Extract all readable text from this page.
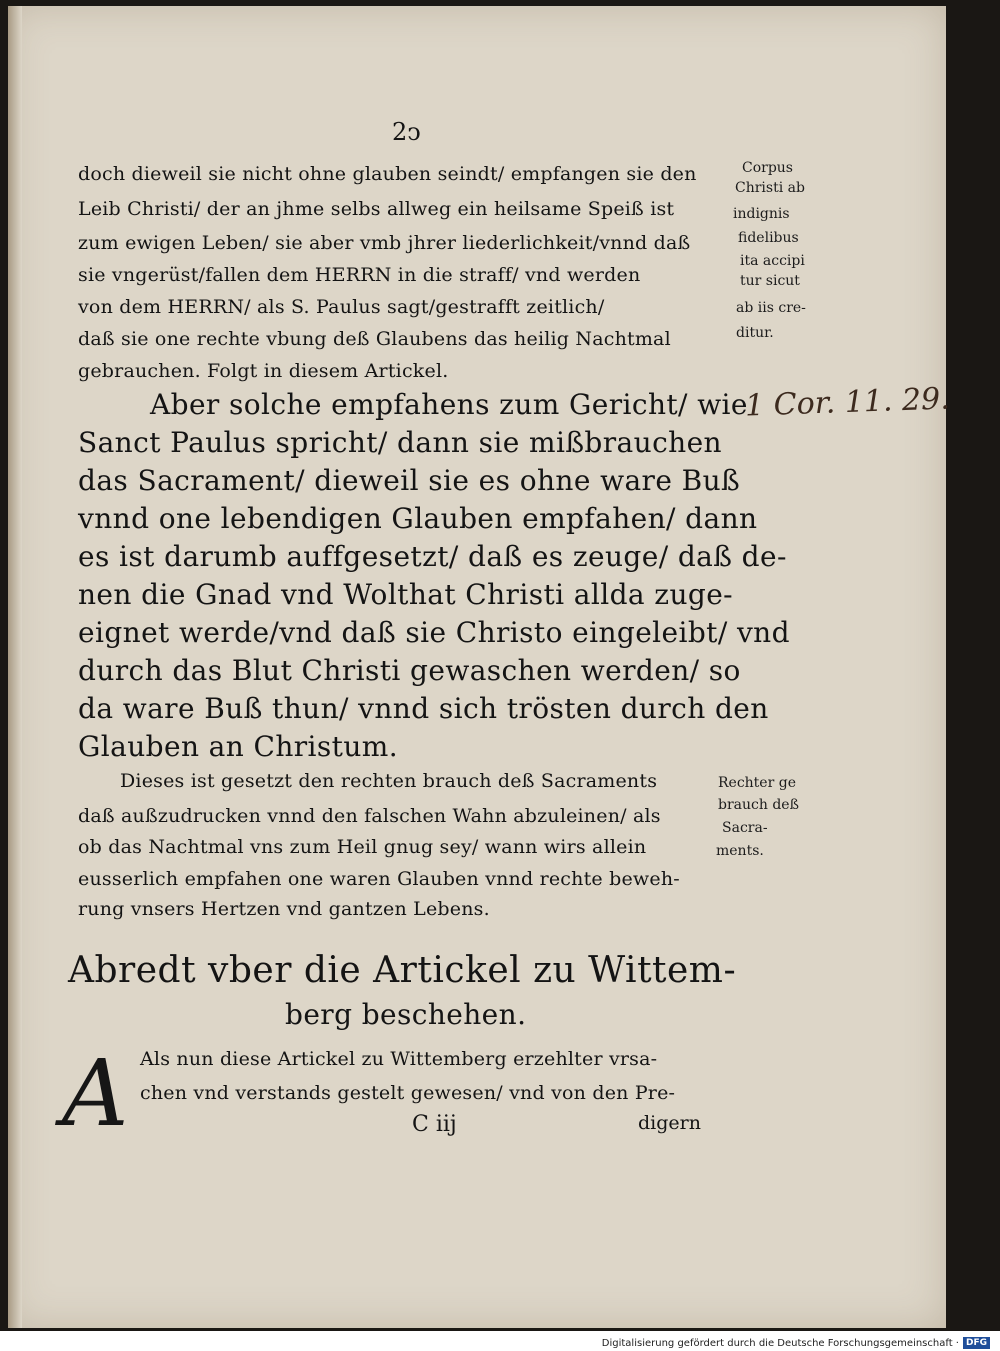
2ↄ
doch dieweil sie nicht ohne glauben seindt/ empfangen sie den
Leib Christi/ der an jhme selbs allweg ein heilsame Speiß ist
zum ewigen Leben/ sie aber vmb jhrer liederlichkeit/vnnd daß
sie vngerüst/fallen dem HERRN in die straff/ vnd werden
von dem HERRN/ als S. Paulus sagt/gestrafft zeitlich/
daß sie one rechte vbung deß Glaubens das heilig Nachtmal
gebrauchen. Folgt in diesem Artickel.
Aber solche empfahens zum Gericht/ wie
Sanct Paulus spricht/ dann sie mißbrauchen
das Sacrament/ dieweil sie es ohne ware Buß
vnnd one lebendigen Glauben empfahen/ dann
es ist darumb auffgesetzt/ daß es zeuge/ daß de-
nen die Gnad vnd Wolthat Christi allda zuge-
eignet werde/vnd daß sie Christo eingeleibt/ vnd
durch das Blut Christi gewaschen werden/ so
da ware Buß thun/ vnnd sich trösten durch den
Glauben an Christum.
Dieses ist gesetzt den rechten brauch deß Sacraments
daß außzudrucken vnnd den falschen Wahn abzuleinen/ als
ob das Nachtmal vns zum Heil gnug sey/ wann wirs allein
eusserlich empfahen one waren Glauben vnnd rechte beweh-
rung vnsers Hertzen vnd gantzen Lebens.
Abredt vber die Artickel zu Wittem-
berg beschehen.
A Als nun diese Artickel zu Wittemberg erzehlter vrsa-
chen vnd verstands gestelt gewesen/ vnd von den Pre-
C iij	digern
Corpus
Christi ab
indignis
fidelibus
ita accipi
tur sicut
ab iis cre-
ditur.
Rechter ge
brauch deß
Sacra-
ments.
1 Cor. 11. 29.
Digitalisierung gefördert durch die Deutsche Forschungsgemeinschaft · DFG
